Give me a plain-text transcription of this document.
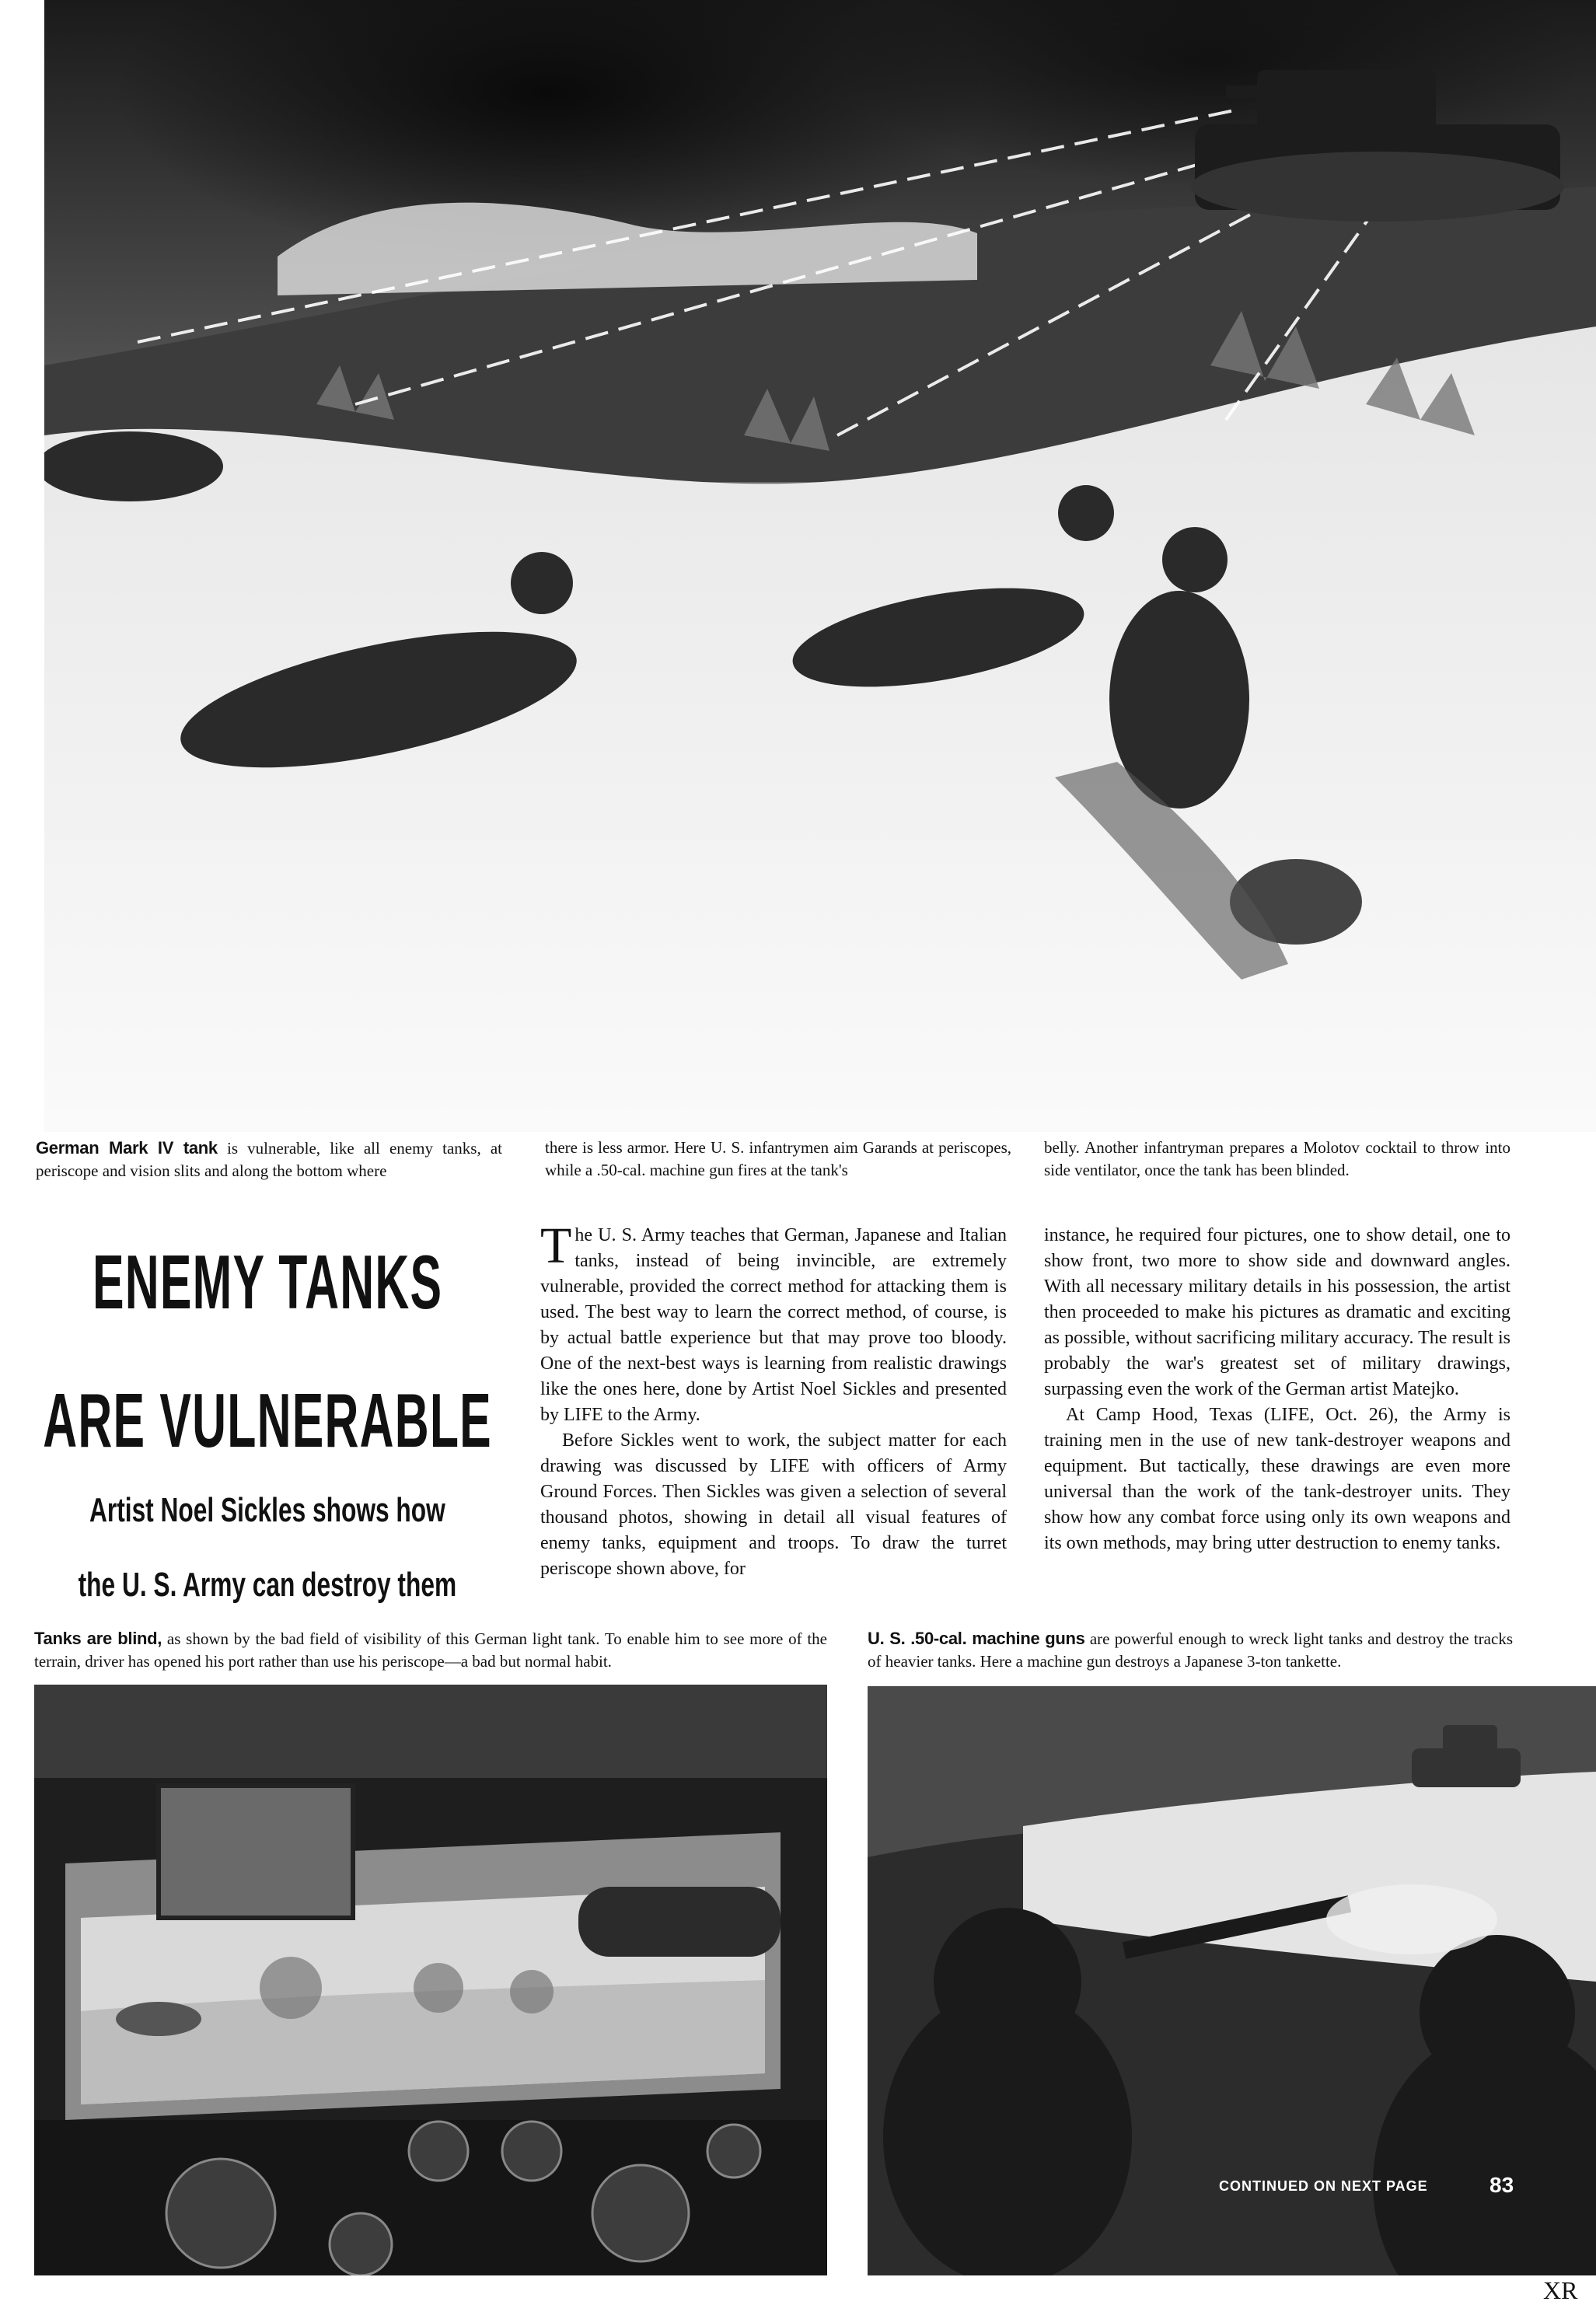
German Mark IV tank is vulnerable, like all enemy tanks, at periscope and vision slits and along the bottom where
there is less armor. Here U. S. infantrymen aim Garands at periscopes, while a .50-cal. machine gun fires at the tank's
belly. Another infantryman prepares a Molotov cocktail to throw into side ventilator, once the tank has been blinded.
ENEMY TANKS
ARE VULNERABLE
Artist Noel Sickles shows how
the U. S. Army can destroy them

The U. S. Army teaches that German, Japanese and Italian tanks, instead of being invincible, are extremely vulnerable, provided the correct method for attacking them is used. The best way to learn the correct method, of course, is by actual battle experience but that may prove too bloody. One of the next-best ways is learning from realistic drawings like the ones here, done by Artist Noel Sickles and presented by LIFE to the Army.

Before Sickles went to work, the subject matter for each drawing was discussed by LIFE with officers of Army Ground Forces. Then Sickles was given a selection of several thousand photos, showing in detail all visual features of enemy tanks, equipment and troops. To draw the turret periscope shown above, for

instance, he required four pictures, one to show detail, one to show front, two more to show side and downward angles. With all necessary military details in his possession, the artist then proceeded to make his pictures as dramatic and exciting as possible, without sacrificing military accuracy. The result is probably the war's greatest set of military drawings, surpassing even the work of the German artist Matejko.

At Camp Hood, Texas (LIFE, Oct. 26), the Army is training men in the use of new tank-destroyer weapons and equipment. But tactically, these drawings are even more universal than the work of the tank-destroyer units. They show how any combat force using only its own weapons and its own methods, may bring utter destruction to enemy tanks.

Tanks are blind, as shown by the bad field of visibility of this German light tank. To enable him to see more of the terrain, driver has opened his port rather than use his periscope—a bad but normal habit.
U. S. .50-cal. machine guns are powerful enough to wreck light tanks and destroy the tracks of heavier tanks. Here a machine gun destroys a Japanese 3-ton tankette.
CONTINUED ON NEXT PAGE	83
XR
